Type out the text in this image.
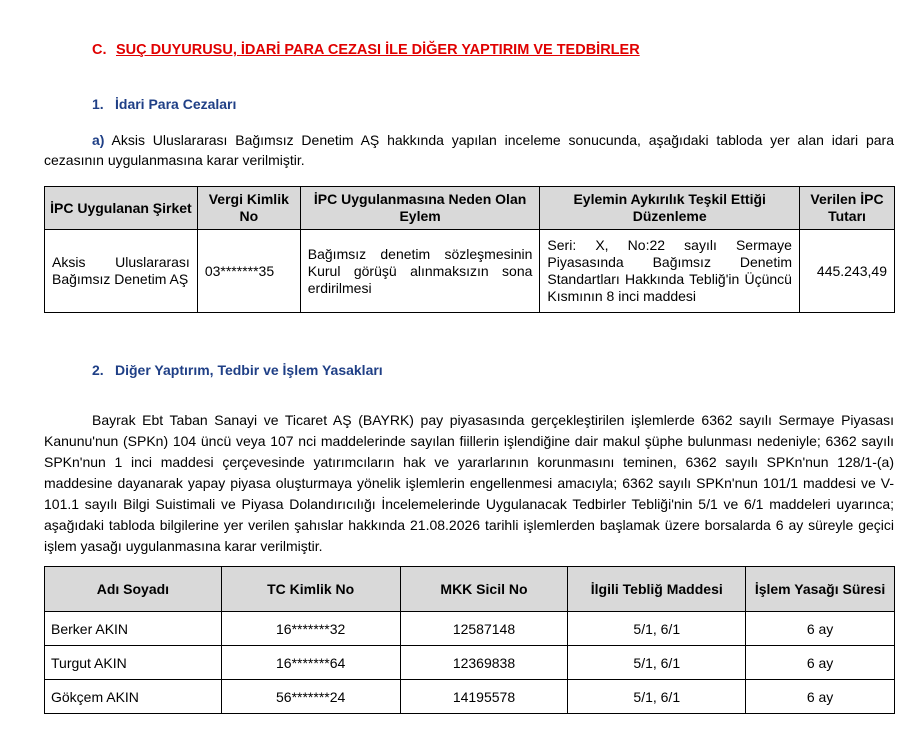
C. SUÇ DUYURUSU, İDARİ PARA CEZASI İLE DİĞER YAPTIRIM VE TEDBİRLER
1. İdari Para Cezaları
a) Aksis Uluslararası Bağımsız Denetim AŞ hakkında yapılan inceleme sonucunda, aşağıdaki tabloda yer alan idari para cezasının uygulanmasına karar verilmiştir.
İPC Uygulanan Şirket	Vergi Kimlik No	İPC Uygulanmasına Neden Olan Eylem	Eylemin Aykırılık Teşkil Ettiği Düzenleme	Verilen İPC Tutarı
Aksis Uluslararası Bağımsız Denetim AŞ	03*******35	Bağımsız denetim sözleşmesinin Kurul görüşü alınmaksızın sona erdirilmesi	Seri: X, No:22 sayılı Sermaye Piyasasında Bağımsız Denetim Standartları Hakkında Tebliğ'in Üçüncü Kısmının 8 inci maddesi	445.243,49
2. Diğer Yaptırım, Tedbir ve İşlem Yasakları
Bayrak Ebt Taban Sanayi ve Ticaret AŞ (BAYRK) pay piyasasında gerçekleştirilen işlemlerde 6362 sayılı Sermaye Piyasası Kanunu'nun (SPKn) 104 üncü veya 107 nci maddelerinde sayılan fiillerin işlendiğine dair makul şüphe bulunması nedeniyle; 6362 sayılı SPKn'nun 1 inci maddesi çerçevesinde yatırımcıların hak ve yararlarının korunmasını teminen, 6362 sayılı SPKn'nun 128/1-(a) maddesine dayanarak yapay piyasa oluşturmaya yönelik işlemlerin engellenmesi amacıyla; 6362 sayılı SPKn'nun 101/1 maddesi ve V-101.1 sayılı Bilgi Suistimali ve Piyasa Dolandırıcılığı İncelemelerinde Uygulanacak Tedbirler Tebliği'nin 5/1 ve 6/1 maddeleri uyarınca; aşağıdaki tabloda bilgilerine yer verilen şahıslar hakkında 21.08.2026 tarihli işlemlerden başlamak üzere borsalarda 6 ay süreyle geçici işlem yasağı uygulanmasına karar verilmiştir.
Adı Soyadı	TC Kimlik No	MKK Sicil No	İlgili Tebliğ Maddesi	İşlem Yasağı Süresi
Berker AKIN	16*******32	12587148	5/1, 6/1	6 ay
Turgut AKIN	16*******64	12369838	5/1, 6/1	6 ay
Gökçem AKIN	56*******24	14195578	5/1, 6/1	6 ay
